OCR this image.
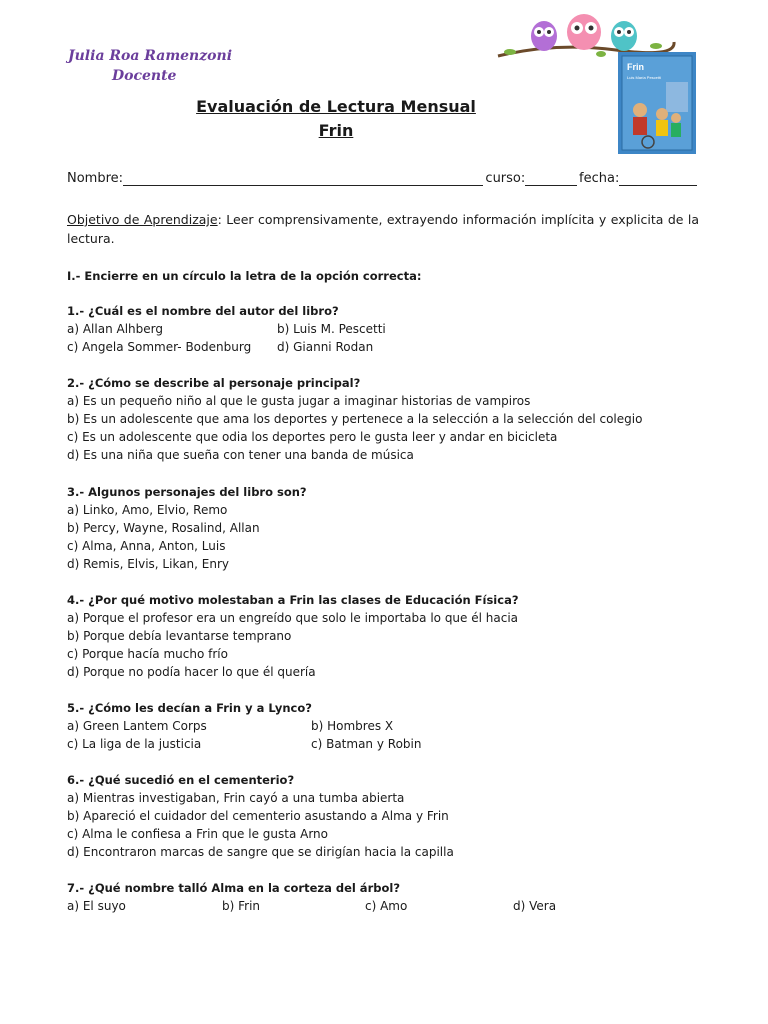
Julia Roa Ramenzoni
Docente
Evaluación de Lectura Mensual
Frin
Frin
Luis María Pescetti
Nombre:	curso:	fecha:
Objetivo de Aprendizaje: Leer comprensivamente, extrayendo información implícita y explicita de la lectura.
I.- Encierre en un círculo la letra de la opción correcta:
1.- ¿Cuál es el nombre del autor del libro?
a) Allan Alhberg	b) Luis M. Pescetti
c) Angela Sommer- Bodenburg	d) Gianni Rodan
2.- ¿Cómo se describe al personaje principal?
a) Es un pequeño niño al que le gusta jugar a imaginar historias de vampiros
b) Es un adolescente que ama los deportes y pertenece a la selección a la selección del colegio
c) Es un adolescente que odia los deportes pero le gusta leer y andar en bicicleta
d) Es una niña que sueña con tener una banda de música
3.- Algunos personajes del libro son?
a) Linko, Amo, Elvio, Remo
b) Percy, Wayne, Rosalind, Allan
c) Alma, Anna, Anton, Luis
d) Remis, Elvis, Likan, Enry
4.- ¿Por qué motivo molestaban a Frin las clases de Educación Física?
a) Porque el profesor era un engreído que solo le importaba lo que él hacia
b) Porque debía levantarse temprano
c) Porque hacía mucho frío
d) Porque no podía hacer lo que él quería
5.- ¿Cómo les decían a Frin y a Lynco?
a) Green Lantem Corps	b) Hombres X
c) La liga de la justicia	c) Batman y Robin
6.- ¿Qué sucedió en el cementerio?
a) Mientras investigaban, Frin cayó a una tumba abierta
b) Apareció el cuidador del cementerio asustando a Alma y Frin
c) Alma le confiesa a Frin que le gusta Arno
d) Encontraron marcas de sangre que se dirigían hacia la capilla
7.- ¿Qué nombre talló Alma en la corteza del árbol?
a) El suyo	b) Frin	c) Amo	d) Vera
